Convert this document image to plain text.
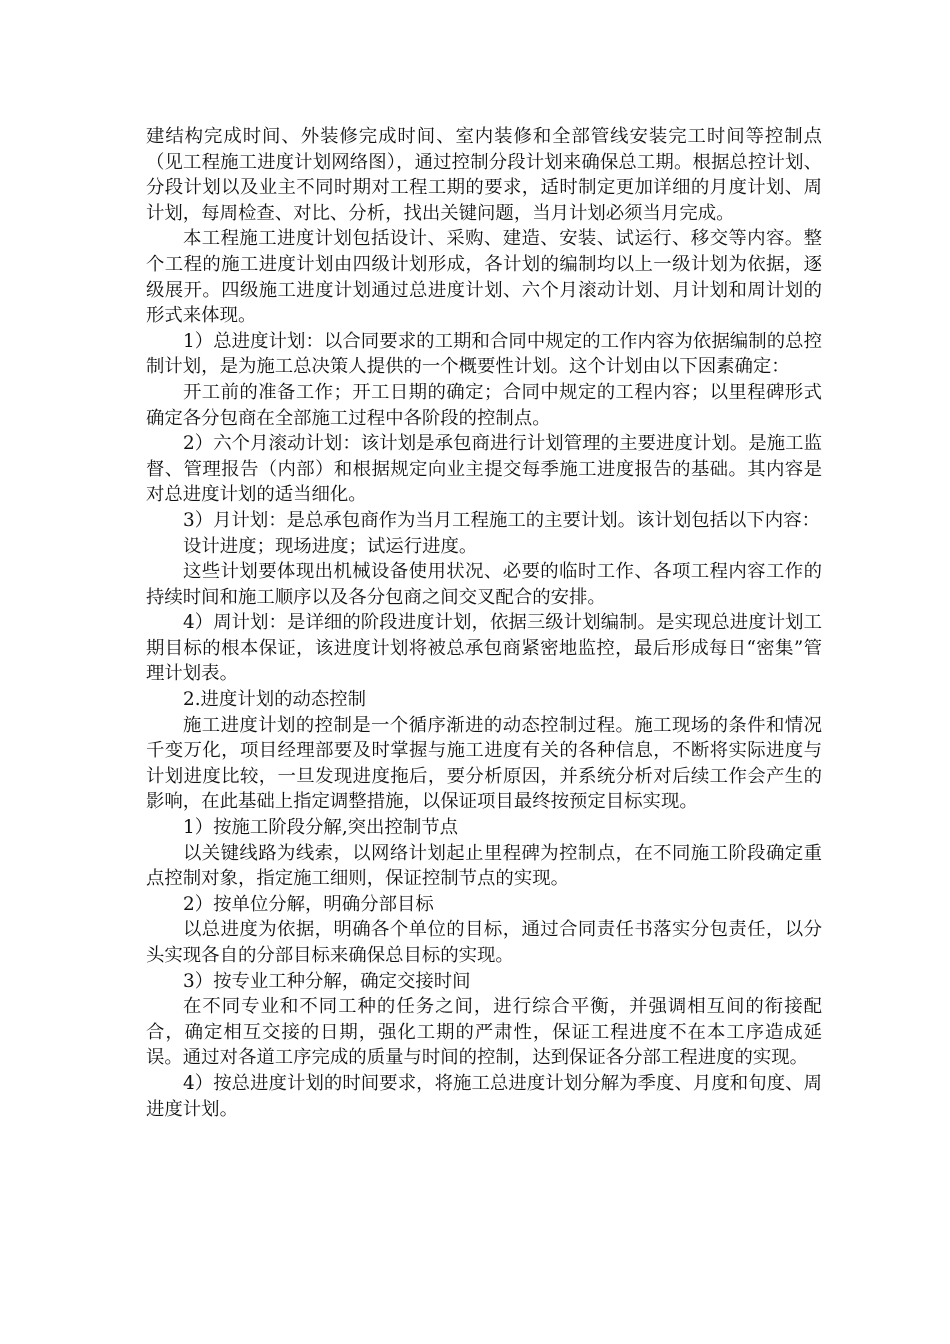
建结构完成时间、外装修完成时间、室内装修和全部管线安装完工时间等控制点（见工程施工进度计划网络图），通过控制分段计划来确保总工期。根据总控计划、分段计划以及业主不同时期对工程工期的要求，适时制定更加详细的月度计划、周计划，每周检查、对比、分析，找出关键问题，当月计划必须当月完成。

本工程施工进度计划包括设计、采购、建造、安装、试运行、移交等内容。整个工程的施工进度计划由四级计划形成，各计划的编制均以上一级计划为依据，逐级展开。四级施工进度计划通过总进度计划、六个月滚动计划、月计划和周计划的形式来体现。

1）总进度计划：以合同要求的工期和合同中规定的工作内容为依据编制的总控制计划，是为施工总决策人提供的一个概要性计划。这个计划由以下因素确定：

开工前的准备工作；开工日期的确定；合同中规定的工程内容；以里程碑形式确定各分包商在全部施工过程中各阶段的控制点。

2）六个月滚动计划：该计划是承包商进行计划管理的主要进度计划。是施工监督、管理报告（内部）和根据规定向业主提交每季施工进度报告的基础。其内容是对总进度计划的适当细化。

3）月计划：是总承包商作为当月工程施工的主要计划。该计划包括以下内容：

设计进度；现场进度；试运行进度。

这些计划要体现出机械设备使用状况、必要的临时工作、各项工程内容工作的持续时间和施工顺序以及各分包商之间交叉配合的安排。

4）周计划：是详细的阶段进度计划，依据三级计划编制。是实现总进度计划工期目标的根本保证，该进度计划将被总承包商紧密地监控，最后形成每日“密集”管理计划表。

2.进度计划的动态控制

施工进度计划的控制是一个循序渐进的动态控制过程。施工现场的条件和情况千变万化，项目经理部要及时掌握与施工进度有关的各种信息，不断将实际进度与计划进度比较，一旦发现进度拖后，要分析原因，并系统分析对后续工作会产生的影响，在此基础上指定调整措施，以保证项目最终按预定目标实现。

1）按施工阶段分解,突出控制节点

以关键线路为线索，以网络计划起止里程碑为控制点，在不同施工阶段确定重点控制对象，指定施工细则，保证控制节点的实现。

2）按单位分解，明确分部目标

以总进度为依据，明确各个单位的目标，通过合同责任书落实分包责任，以分头实现各自的分部目标来确保总目标的实现。

3）按专业工种分解，确定交接时间

在不同专业和不同工种的任务之间，进行综合平衡，并强调相互间的衔接配合，确定相互交接的日期，强化工期的严肃性，保证工程进度不在本工序造成延误。通过对各道工序完成的质量与时间的控制，达到保证各分部工程进度的实现。

4）按总进度计划的时间要求，将施工总进度计划分解为季度、月度和旬度、周进度计划。
